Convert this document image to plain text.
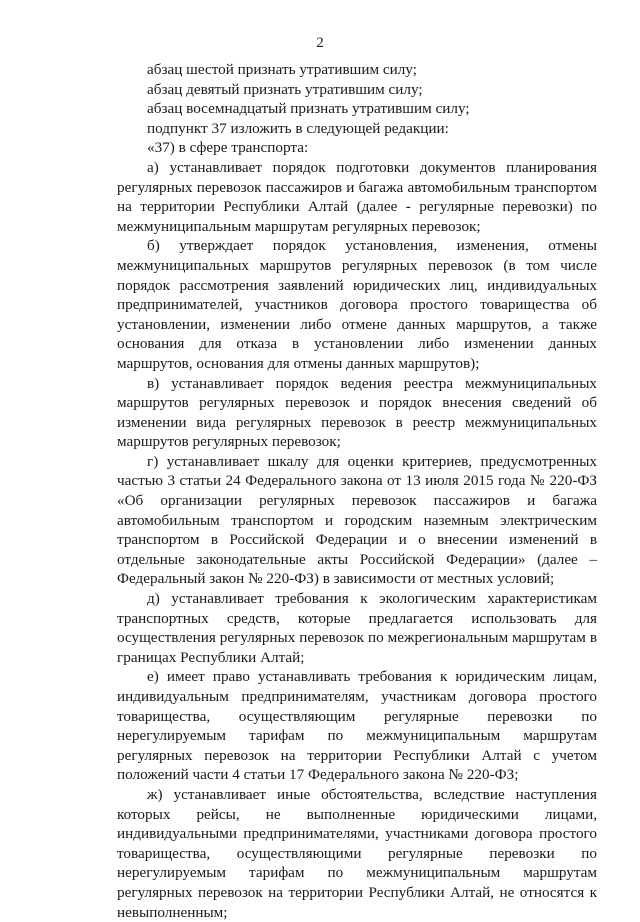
2

абзац шестой признать утратившим силу;

абзац девятый признать утратившим силу;

абзац восемнадцатый признать утратившим силу;

подпункт 37 изложить в следующей редакции:

«37) в сфере транспорта:

а) устанавливает порядок подготовки документов планирования регулярных перевозок пассажиров и багажа автомобильным транспортом на территории Республики Алтай (далее - регулярные перевозки) по межмуниципальным маршрутам регулярных перевозок;

б) утверждает порядок установления, изменения, отмены межмуниципальных маршрутов регулярных перевозок (в том числе порядок рассмотрения заявлений юридических лиц, индивидуальных предпринимателей, участников договора простого товарищества об установлении, изменении либо отмене данных маршрутов, а также основания для отказа в установлении либо изменении данных маршрутов, основания для отмены данных маршрутов);

в) устанавливает порядок ведения реестра межмуниципальных маршрутов регулярных перевозок и порядок внесения сведений об изменении вида регулярных перевозок в реестр межмуниципальных маршрутов регулярных перевозок;

г) устанавливает шкалу для оценки критериев, предусмотренных частью 3 статьи 24 Федерального закона от 13 июля 2015 года № 220-ФЗ «Об организации регулярных перевозок пассажиров и багажа автомобильным транспортом и городским наземным электрическим транспортом в Российской Федерации и о внесении изменений в отдельные законодательные акты Российской Федерации» (далее – Федеральный закон № 220-ФЗ) в зависимости от местных условий;

д) устанавливает требования к экологическим характеристикам транспортных средств, которые предлагается использовать для осуществления регулярных перевозок по межрегиональным маршрутам в границах Республики Алтай;

е) имеет право устанавливать требования к юридическим лицам, индивидуальным предпринимателям, участникам договора простого товарищества, осуществляющим регулярные перевозки по нерегулируемым тарифам по межмуниципальным маршрутам регулярных перевозок на территории Республики Алтай с учетом положений части 4 статьи 17 Федерального закона № 220-ФЗ;

ж) устанавливает иные обстоятельства, вследствие наступления которых рейсы, не выполненные юридическими лицами, индивидуальными предпринимателями, участниками договора простого товарищества, осуществляющими регулярные перевозки по нерегулируемым тарифам по межмуниципальным маршрутам регулярных перевозок на территории Республики Алтай, не относятся к невыполненным;
